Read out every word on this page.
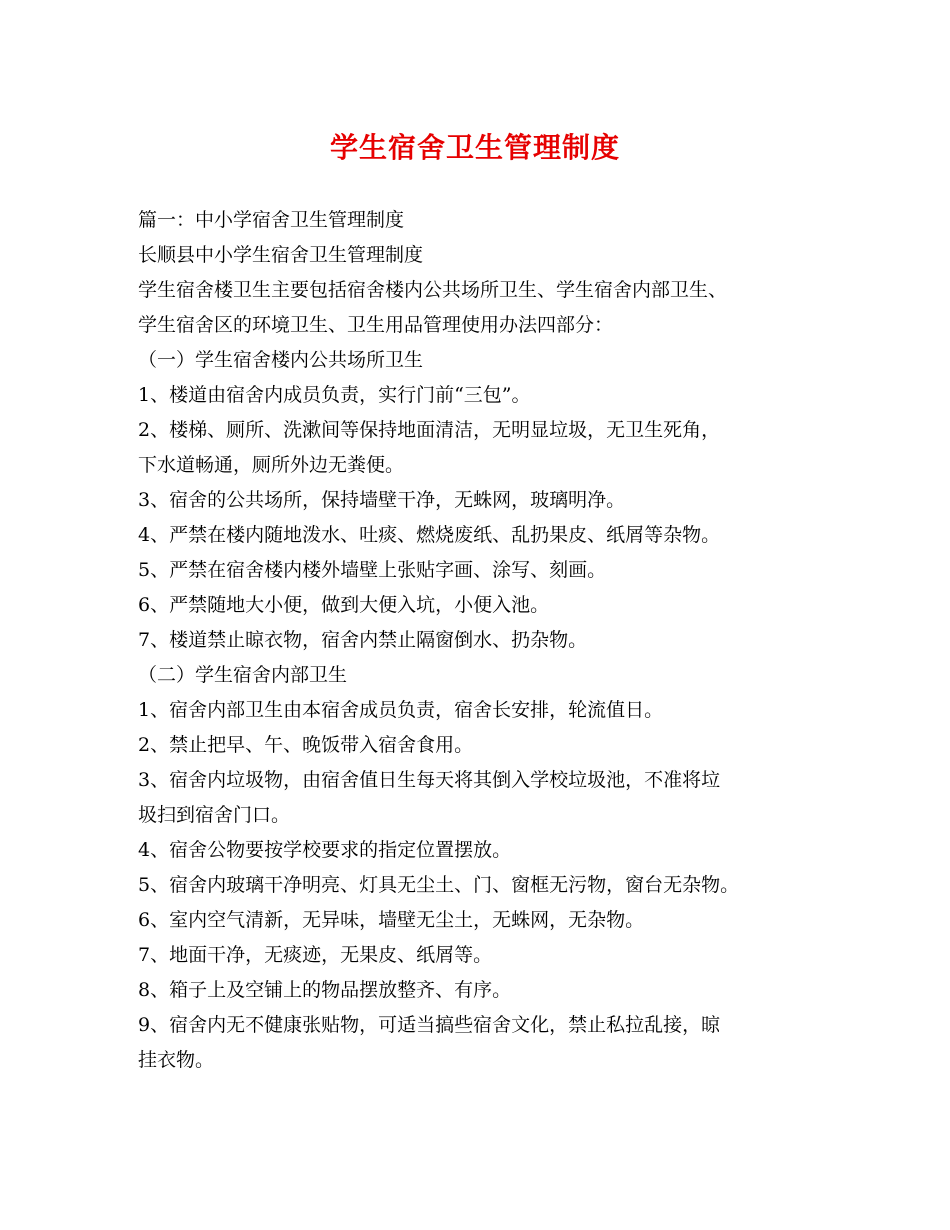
学生宿舍卫生管理制度
篇一：中小学宿舍卫生管理制度
长顺县中小学生宿舍卫生管理制度
学生宿舍楼卫生主要包括宿舍楼内公共场所卫生、学生宿舍内部卫生、
学生宿舍区的环境卫生、卫生用品管理使用办法四部分：
（一）学生宿舍楼内公共场所卫生
1、楼道由宿舍内成员负责，实行门前“三包”。
2、楼梯、厕所、洗漱间等保持地面清洁，无明显垃圾，无卫生死角，
下水道畅通，厕所外边无粪便。
3、宿舍的公共场所，保持墙壁干净，无蛛网，玻璃明净。
4、严禁在楼内随地泼水、吐痰、燃烧废纸、乱扔果皮、纸屑等杂物。
5、严禁在宿舍楼内楼外墙壁上张贴字画、涂写、刻画。
6、严禁随地大小便，做到大便入坑，小便入池。
7、楼道禁止晾衣物，宿舍内禁止隔窗倒水、扔杂物。
（二）学生宿舍内部卫生
1、宿舍内部卫生由本宿舍成员负责，宿舍长安排，轮流值日。
2、禁止把早、午、晚饭带入宿舍食用。
3、宿舍内垃圾物，由宿舍值日生每天将其倒入学校垃圾池，不准将垃
圾扫到宿舍门口。
4、宿舍公物要按学校要求的指定位置摆放。
5、宿舍内玻璃干净明亮、灯具无尘土、门、窗框无污物，窗台无杂物。
6、室内空气清新，无异味，墙壁无尘土，无蛛网，无杂物。
7、地面干净，无痰迹，无果皮、纸屑等。
8、箱子上及空铺上的物品摆放整齐、有序。
9、宿舍内无不健康张贴物，可适当搞些宿舍文化，禁止私拉乱接，晾
挂衣物。
